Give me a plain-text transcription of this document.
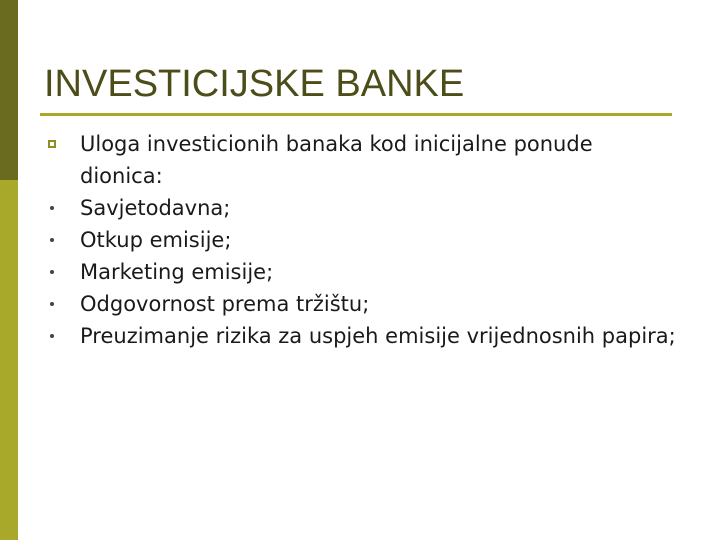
INVESTICIJSKE BANKE
Uloga investicionih banaka kod inicijalne ponude dionica:
Savjetodavna;
Otkup emisije;
Marketing emisije;
Odgovornost prema tržištu;
Preuzimanje rizika za uspjeh emisije vrijednosnih papira;
